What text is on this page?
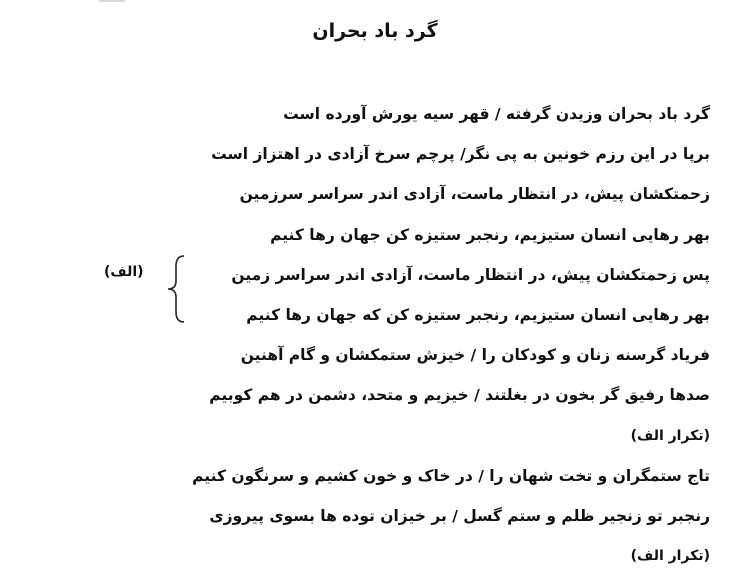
گرد باد بحران
گرد باد بحران وزیدن گرفته / قهر سیه یورش آورده است
برپا در این رزم خونین به پی نگر/ پرچم سرخ آزادی در اهتزاز است
زحمتکشان پیش، در انتظار ماست، آزادی اندر سراسر سرزمین
بهر رهایی انسان ستیزیم، رنجبر ستیزه کن جهان رها کنیم
پس زحمتکشان پیش، در انتظار ماست، آزادی اندر سراسر زمین
بهر رهایی انسان ستیزیم، رنجبر ستیزه کن که جهان رها کنیم
فریاد گرسنه زنان و کودکان را / خیزش ستمکشان و گام آهنین
صدها رفیق گر بخون در بغلتند / خیزیم و متحد، دشمن در هم کوبیم
(تکرار الف)
تاج ستمگران و تخت شهان را / در خاک و خون کشیم و سرنگون کنیم
رنجبر تو زنجیر ظلم و ستم گسل / بر خیزان توده ها بسوی پیروزی
(تکرار الف)
(الف)
